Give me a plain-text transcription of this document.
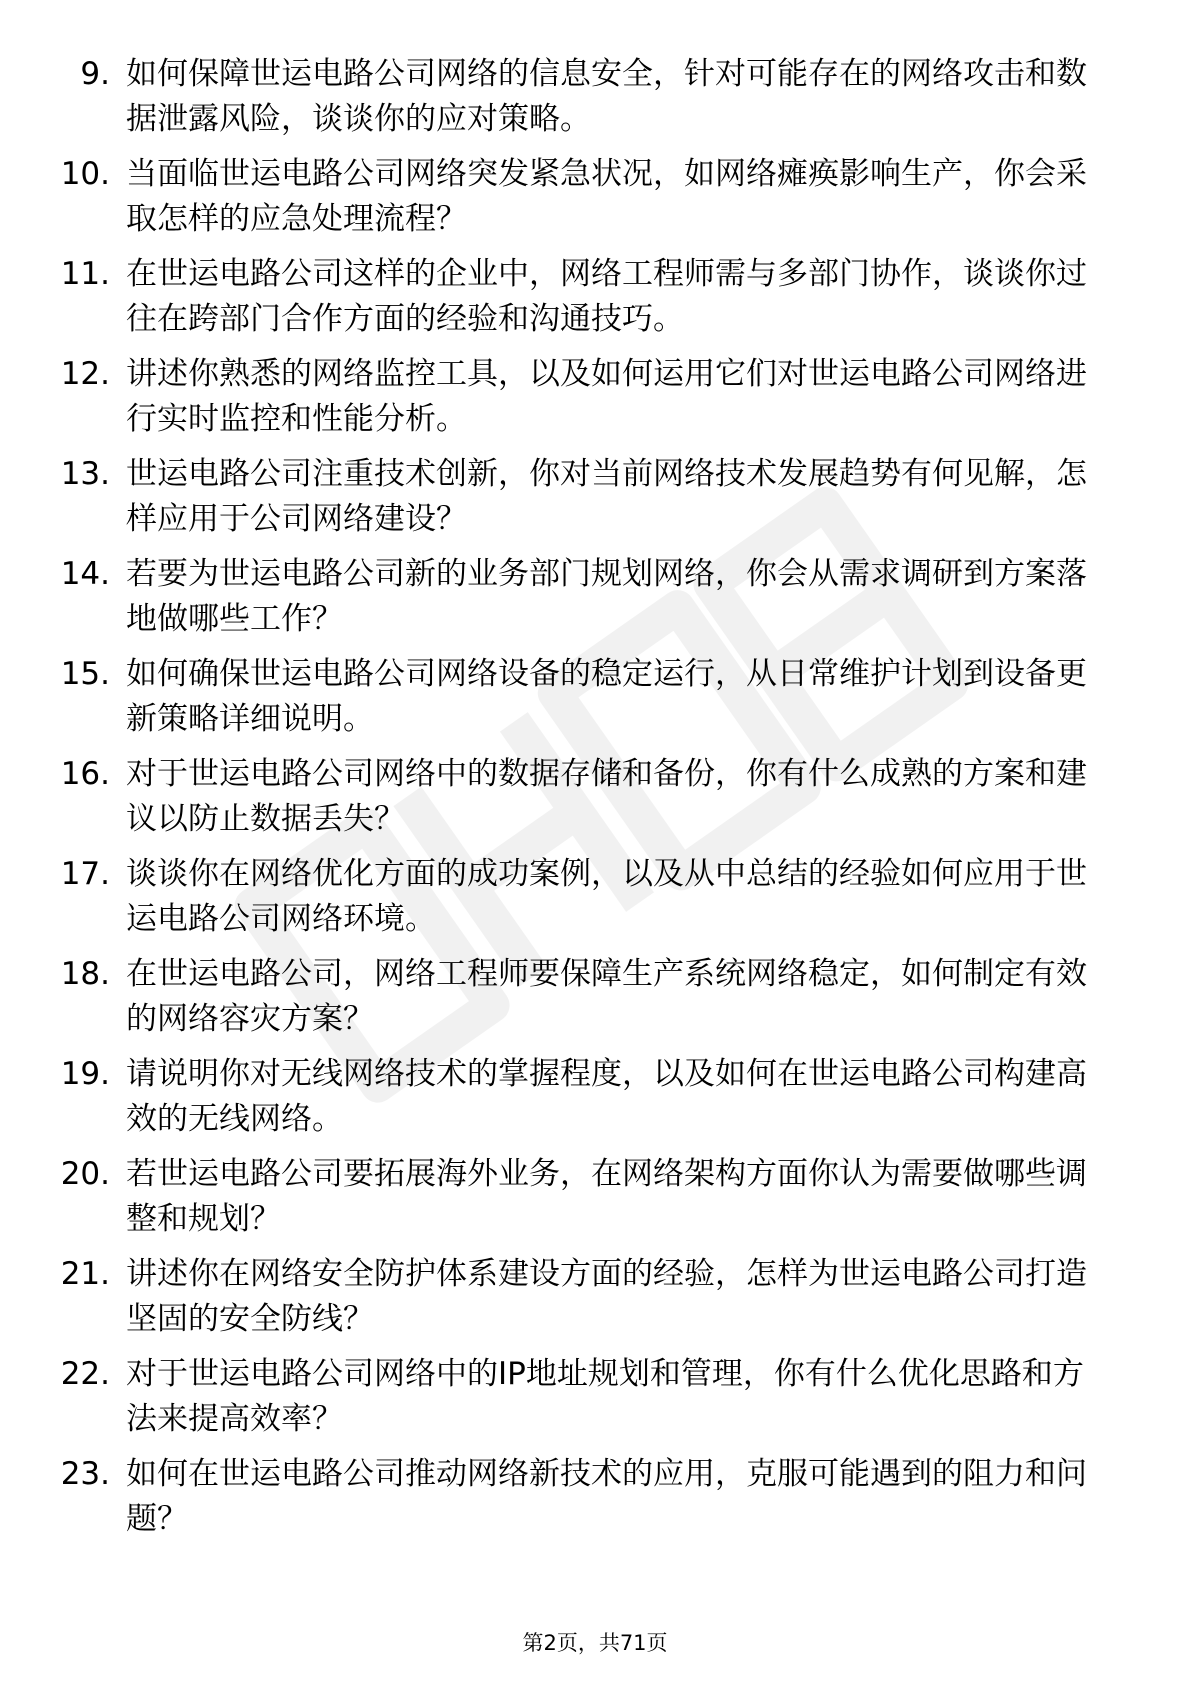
9. 如何保障世运电路公司网络的信息安全，针对可能存在的网络攻击和数据泄露风险，谈谈你的应对策略。
10. 当面临世运电路公司网络突发紧急状况，如网络瘫痪影响生产，你会采取怎样的应急处理流程？
11. 在世运电路公司这样的企业中，网络工程师需与多部门协作，谈谈你过往在跨部门合作方面的经验和沟通技巧。
12. 讲述你熟悉的网络监控工具，以及如何运用它们对世运电路公司网络进行实时监控和性能分析。
13. 世运电路公司注重技术创新，你对当前网络技术发展趋势有何见解，怎样应用于公司网络建设？
14. 若要为世运电路公司新的业务部门规划网络，你会从需求调研到方案落地做哪些工作？
15. 如何确保世运电路公司网络设备的稳定运行，从日常维护计划到设备更新策略详细说明。
16. 对于世运电路公司网络中的数据存储和备份，你有什么成熟的方案和建议以防止数据丢失？
17. 谈谈你在网络优化方面的成功案例，以及从中总结的经验如何应用于世运电路公司网络环境。
18. 在世运电路公司，网络工程师要保障生产系统网络稳定，如何制定有效的网络容灾方案？
19. 请说明你对无线网络技术的掌握程度，以及如何在世运电路公司构建高效的无线网络。
20. 若世运电路公司要拓展海外业务，在网络架构方面你认为需要做哪些调整和规划？
21. 讲述你在网络安全防护体系建设方面的经验，怎样为世运电路公司打造坚固的安全防线？
22. 对于世运电路公司网络中的IP地址规划和管理，你有什么优化思路和方法来提高效率？
23. 如何在世运电路公司推动网络新技术的应用，克服可能遇到的阻力和问题？
第2页，共71页
